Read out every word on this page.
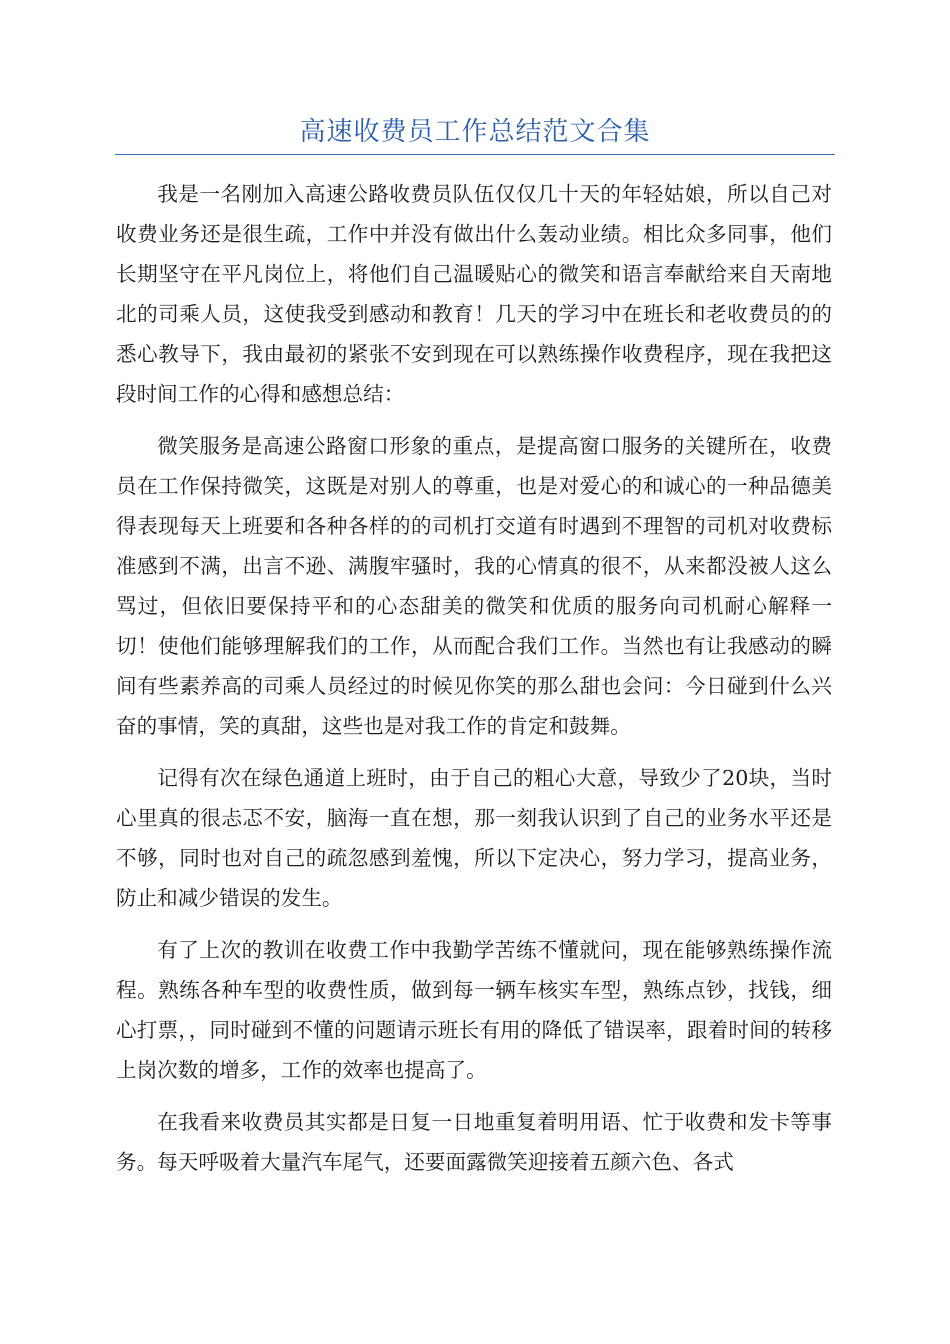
高速收费员工作总结范文合集

我是一名刚加入高速公路收费员队伍仅仅几十天的年轻姑娘，所以自己对收费业务还是很生疏，工作中并没有做出什么轰动业绩。相比众多同事，他们长期坚守在平凡岗位上，将他们自己温暖贴心的微笑和语言奉献给来自天南地北的司乘人员，这使我受到感动和教育！几天的学习中在班长和老收费员的的悉心教导下，我由最初的紧张不安到现在可以熟练操作收费程序，现在我把这段时间工作的心得和感想总结：

微笑服务是高速公路窗口形象的重点，是提高窗口服务的关键所在，收费员在工作保持微笑，这既是对别人的尊重，也是对爱心的和诚心的一种品德美得表现每天上班要和各种各样的的司机打交道有时遇到不理智的司机对收费标准感到不满，出言不逊、满腹牢骚时，我的心情真的很不，从来都没被人这么骂过，但依旧要保持平和的心态甜美的微笑和优质的服务向司机耐心解释一切！使他们能够理解我们的工作，从而配合我们工作。当然也有让我感动的瞬间有些素养高的司乘人员经过的时候见你笑的那么甜也会问：今日碰到什么兴奋的事情，笑的真甜，这些也是对我工作的肯定和鼓舞。

记得有次在绿色通道上班时，由于自己的粗心大意，导致少了20块，当时心里真的很忐忑不安，脑海一直在想，那一刻我认识到了自己的业务水平还是不够，同时也对自己的疏忽感到羞愧，所以下定决心，努力学习，提高业务，防止和减少错误的发生。

有了上次的教训在收费工作中我勤学苦练不懂就问，现在能够熟练操作流程。熟练各种车型的收费性质，做到每一辆车核实车型，熟练点钞，找钱，细心打票，，同时碰到不懂的问题请示班长有用的降低了错误率，跟着时间的转移上岗次数的增多，工作的效率也提高了。

在我看来收费员其实都是日复一日地重复着明用语、忙于收费和发卡等事务。每天呼吸着大量汽车尾气，还要面露微笑迎接着五颜六色、各式
